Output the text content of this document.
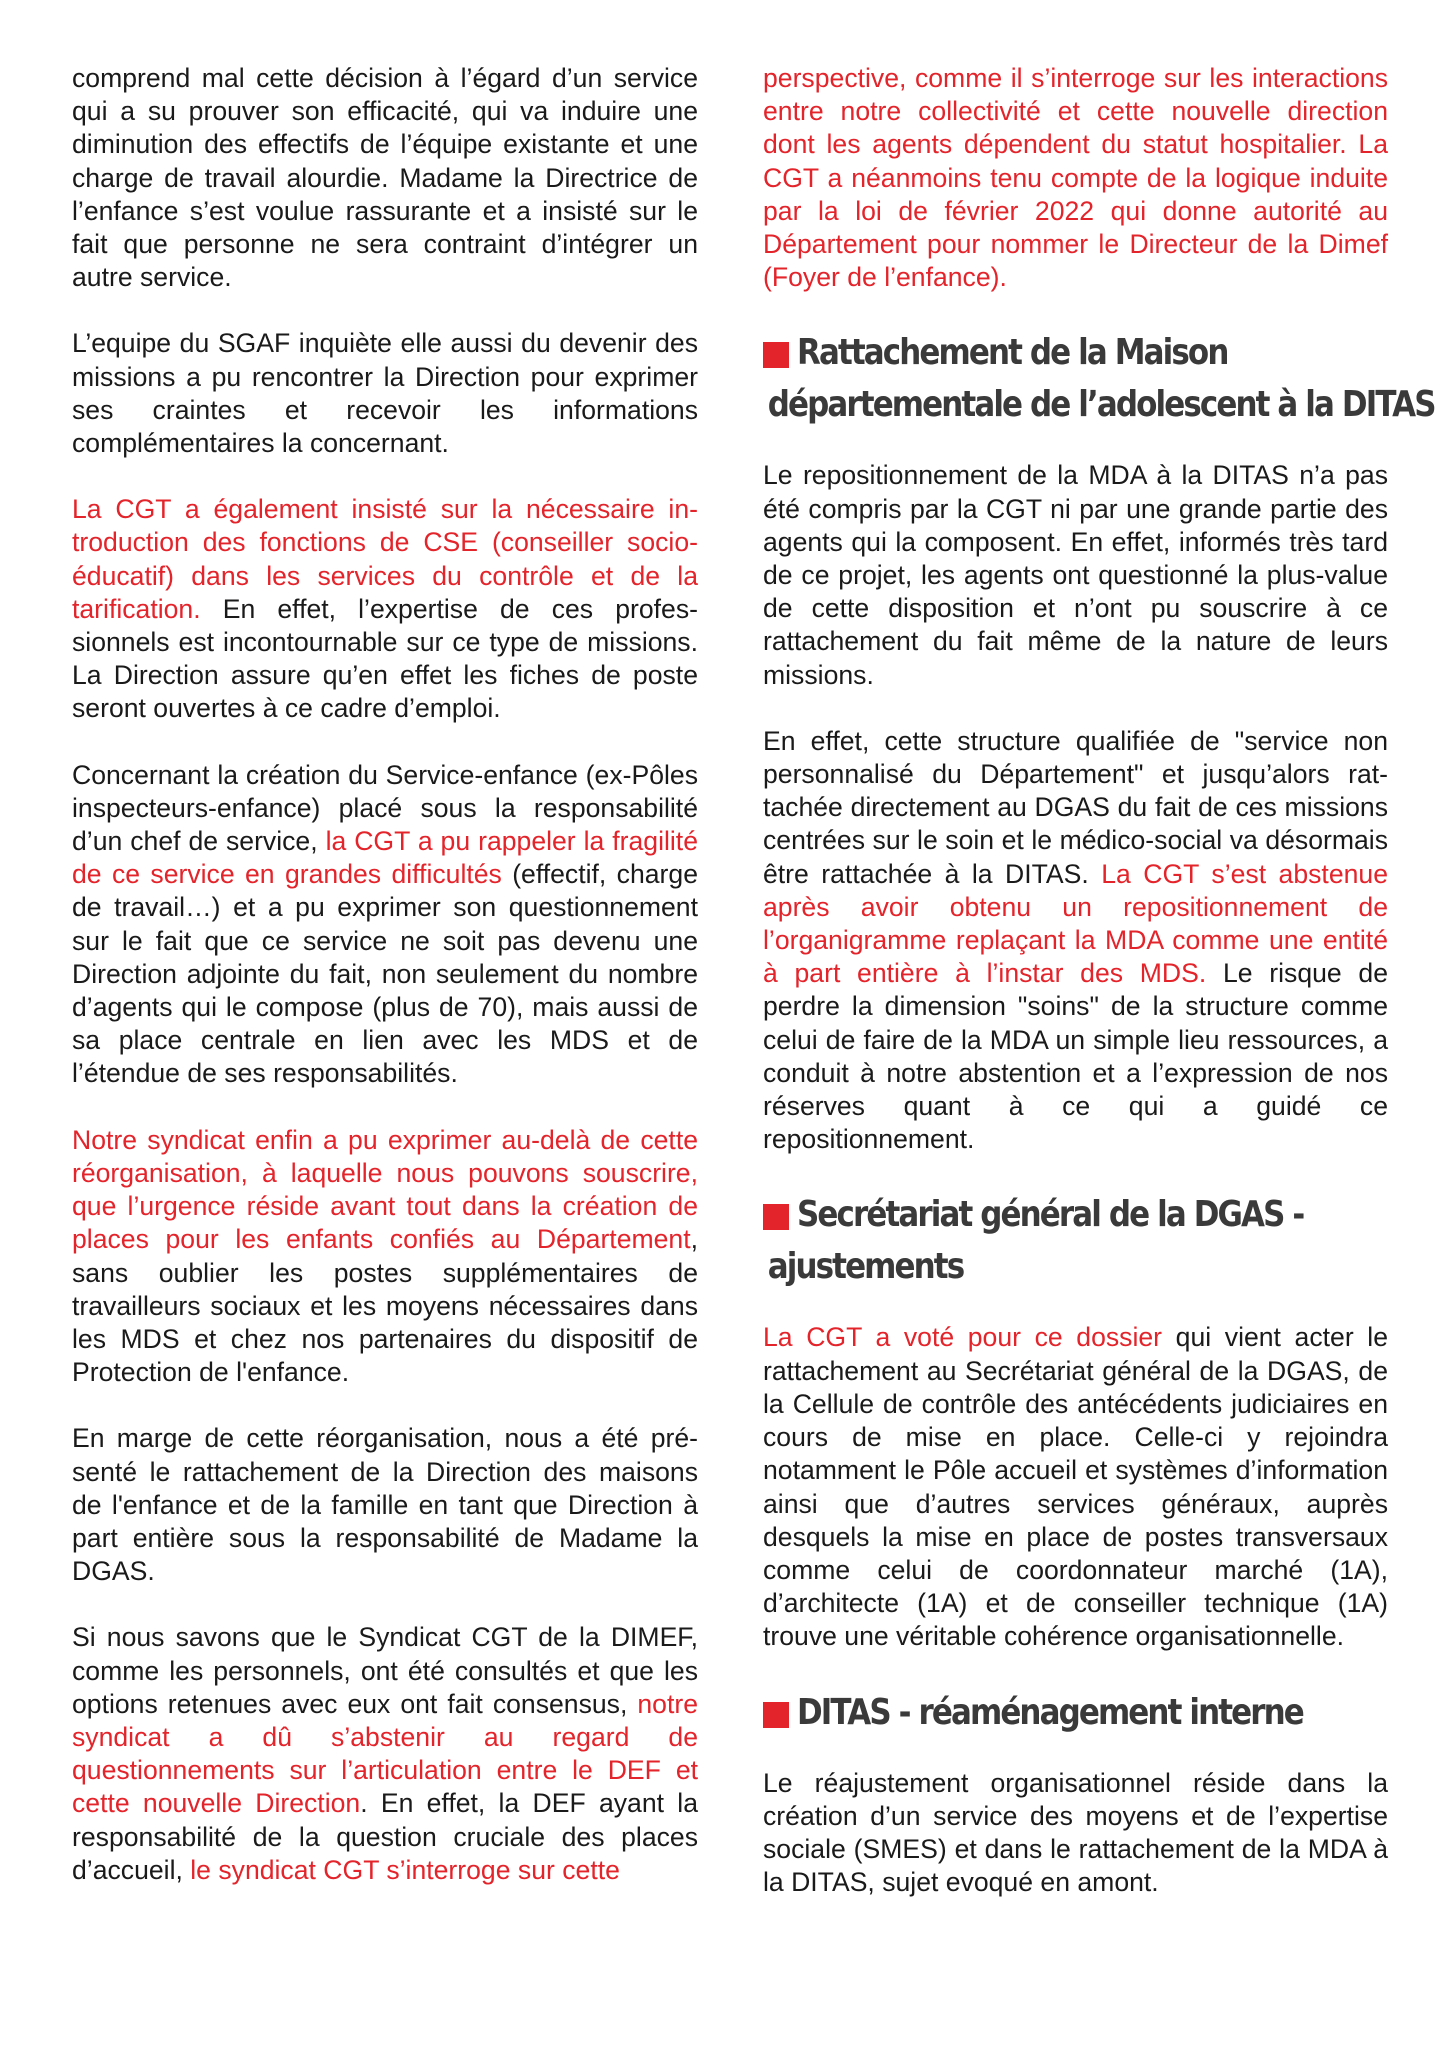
comprend mal cette décision à l’égard d’un service qui a su prouver son efficacité, qui va induire une diminution des effectifs de l’équipe existante et une charge de travail alourdie. Madame la Directrice de l’enfance s’est voulue rassurante et a insisté sur le fait que personne ne sera contraint d’intégrer un autre service.

L’equipe du SGAF inquiète elle aussi du devenir des missions a pu rencontrer la Direction pour exprimer ses craintes et recevoir les informations complémentaires la concernant.

La CGT a également insisté sur la nécessaire introduction des fonctions de CSE (conseiller socio-éducatif) dans les services du contrôle et de la tarification. En effet, l’expertise de ces professionnels est incontournable sur ce type de missions. La Direction assure qu’en effet les fiches de poste seront ouvertes à ce cadre d’emploi.

Concernant la création du Service-enfance (ex-Pôles inspecteurs-enfance) placé sous la responsabilité d’un chef de service, la CGT a pu rappeler la fragilité de ce service en grandes difficultés (effectif, charge de travail…) et a pu exprimer son questionnement sur le fait que ce service ne soit pas devenu une Direction adjointe du fait, non seulement du nombre d’agents qui le compose (plus de 70), mais aussi de sa place centrale en lien avec les MDS et de l’étendue de ses responsabilités.

Notre syndicat enfin a pu exprimer au-delà de cette réorganisation, à laquelle nous pouvons souscrire, que l’urgence réside avant tout dans la création de places pour les enfants confiés au Département, sans oublier les postes supplémentaires de travailleurs sociaux et les moyens nécessaires dans les MDS et chez nos partenaires du dispositif de Protection de l'enfance.

En marge de cette réorganisation, nous a été présenté le rattachement de la Direction des maisons de l'enfance et de la famille en tant que Direction à part entière sous la responsabilité de Madame la DGAS.

Si nous savons que le Syndicat CGT de la DIMEF, comme les personnels, ont été consultés et que les options retenues avec eux ont fait consensus, notre syndicat a dû s’abstenir au regard de questionnements sur l’articulation entre le DEF et cette nouvelle Direction. En effet, la DEF ayant la responsabilité de la question cruciale des places d’accueil, le syndicat CGT s’interroge sur cette

perspective, comme il s’interroge sur les interactions entre notre collectivité et cette nouvelle direction dont les agents dépendent du statut hospitalier. La CGT a néanmoins tenu compte de la logique induite par la loi de février 2022 qui donne autorité au Département pour nommer le Directeur de la Dimef (Foyer de l’enfance).

Rattachement de la Maison
départementale de l’adolescent à la DITAS

Le repositionnement de la MDA à la DITAS n’a pas été compris par la CGT ni par une grande partie des agents qui la composent. En effet, informés très tard de ce projet, les agents ont questionné la plus-value de cette disposition et n’ont pu souscrire à ce rattachement du fait même de la nature de leurs missions.

En effet, cette structure qualifiée de "service non personnalisé du Département" et jusqu’alors rattachée directement au DGAS du fait de ces missions centrées sur le soin et le médico-social va désormais être rattachée à la DITAS. La CGT s’est abstenue après avoir obtenu un repositionnement de l’organigramme replaçant la MDA comme une entité à part entière à l’instar des MDS. Le risque de perdre la dimension "soins" de la structure comme celui de faire de la MDA un simple lieu ressources, a conduit à notre abstention et a l’expression de nos réserves quant à ce qui a guidé ce repositionnement.

Secrétariat général de la DGAS -
ajustements

La CGT a voté pour ce dossier qui vient acter le rattachement au Secrétariat général de la DGAS, de la Cellule de contrôle des antécédents judiciaires en cours de mise en place. Celle-ci y rejoindra notamment le Pôle accueil et systèmes d’information ainsi que d’autres services généraux, auprès desquels la mise en place de postes transversaux comme celui de coordonnateur marché (1A), d’architecte (1A) et de conseiller technique (1A) trouve une véritable cohérence organisationnelle.

DITAS - réaménagement interne

Le réajustement organisationnel réside dans la création d’un service des moyens et de l’expertise sociale (SMES) et dans le rattachement de la MDA à la DITAS, sujet evoqué en amont.
